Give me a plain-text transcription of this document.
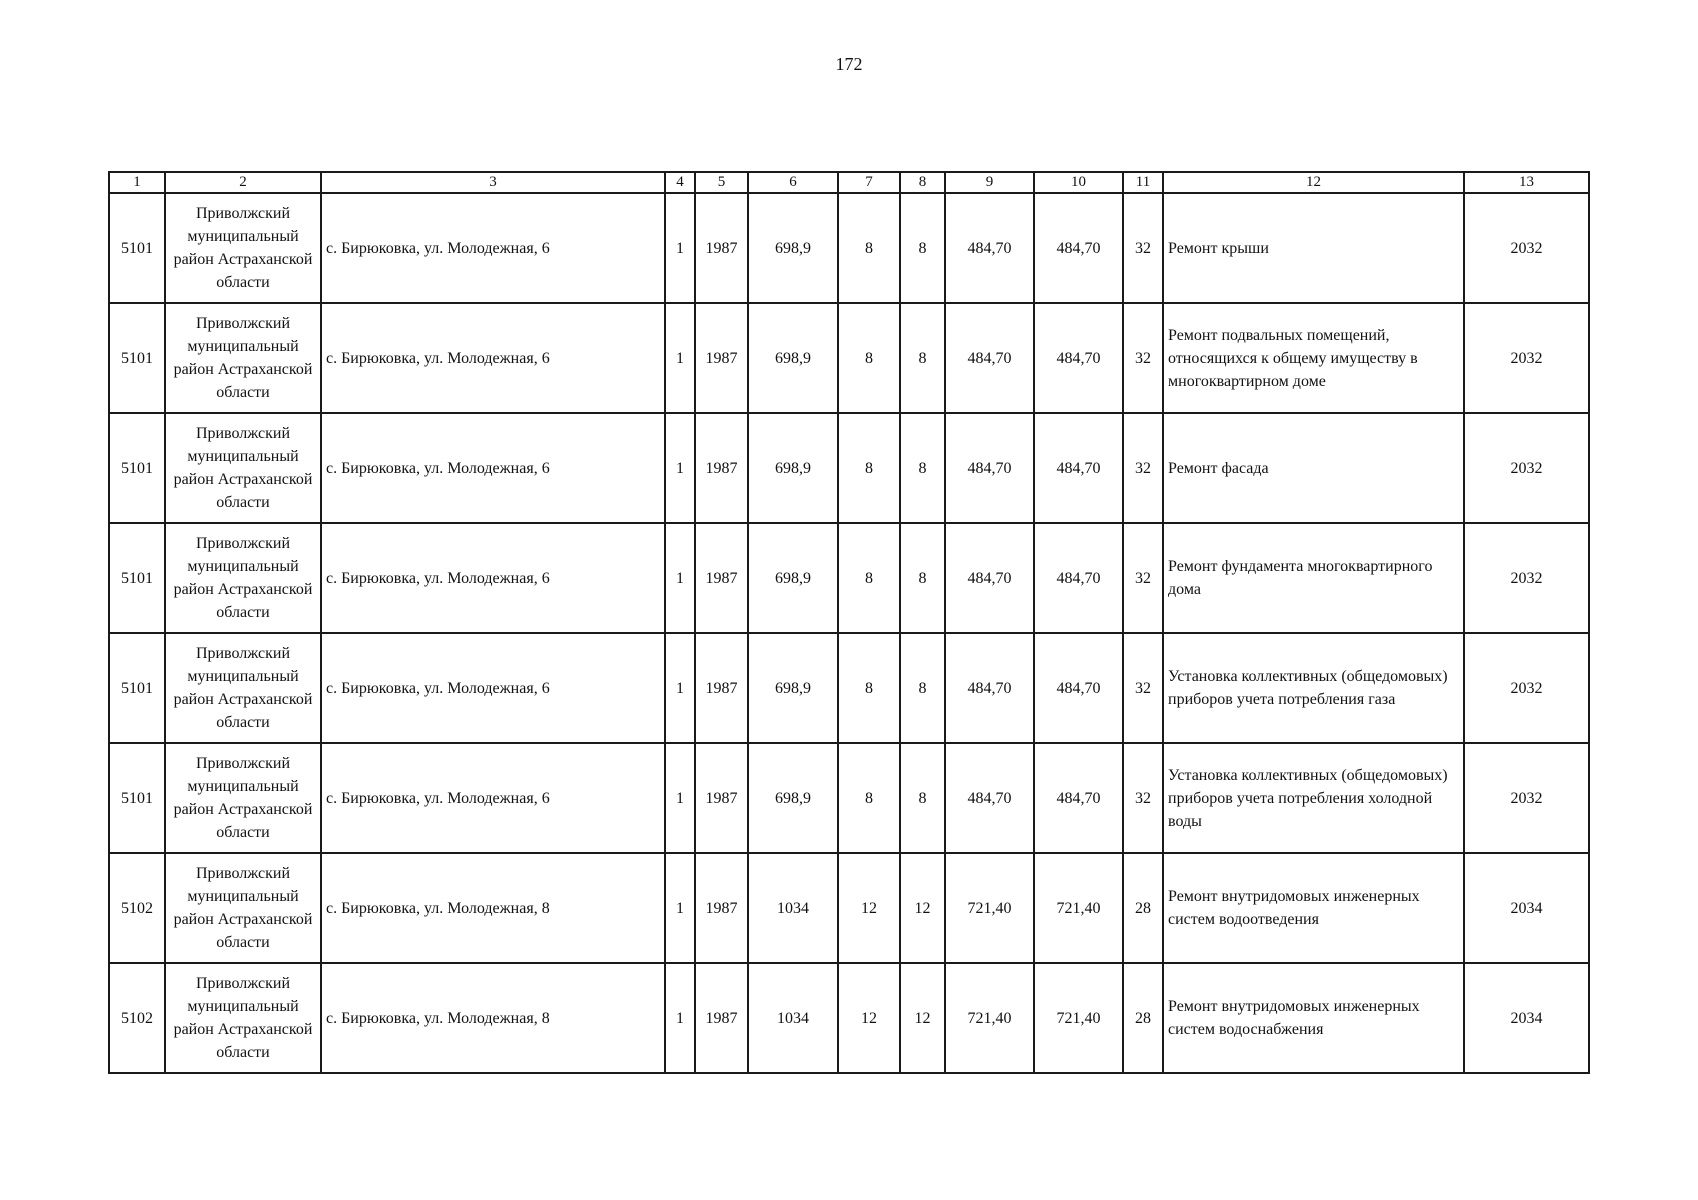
172
1	2	3	4	5	6	7	8	9	10	11	12	13
5101	Приволжский муниципальный район Астраханской области	с. Бирюковка, ул. Молодежная, 6	1	1987	698,9	8	8	484,70	484,70	32	Ремонт крыши	2032
5101	Приволжский муниципальный район Астраханской области	с. Бирюковка, ул. Молодежная, 6	1	1987	698,9	8	8	484,70	484,70	32	Ремонт подвальных помещений, относящихся к общему имуществу в многоквартирном доме	2032
5101	Приволжский муниципальный район Астраханской области	с. Бирюковка, ул. Молодежная, 6	1	1987	698,9	8	8	484,70	484,70	32	Ремонт фасада	2032
5101	Приволжский муниципальный район Астраханской области	с. Бирюковка, ул. Молодежная, 6	1	1987	698,9	8	8	484,70	484,70	32	Ремонт фундамента многоквартирного дома	2032
5101	Приволжский муниципальный район Астраханской области	с. Бирюковка, ул. Молодежная, 6	1	1987	698,9	8	8	484,70	484,70	32	Установка коллективных (общедомовых) приборов учета потребления газа	2032
5101	Приволжский муниципальный район Астраханской области	с. Бирюковка, ул. Молодежная, 6	1	1987	698,9	8	8	484,70	484,70	32	Установка коллективных (общедомовых) приборов учета потребления холодной воды	2032
5102	Приволжский муниципальный район Астраханской области	с. Бирюковка, ул. Молодежная, 8	1	1987	1034	12	12	721,40	721,40	28	Ремонт внутридомовых инженерных систем водоотведения	2034
5102	Приволжский муниципальный район Астраханской области	с. Бирюковка, ул. Молодежная, 8	1	1987	1034	12	12	721,40	721,40	28	Ремонт внутридомовых инженерных систем водоснабжения	2034
